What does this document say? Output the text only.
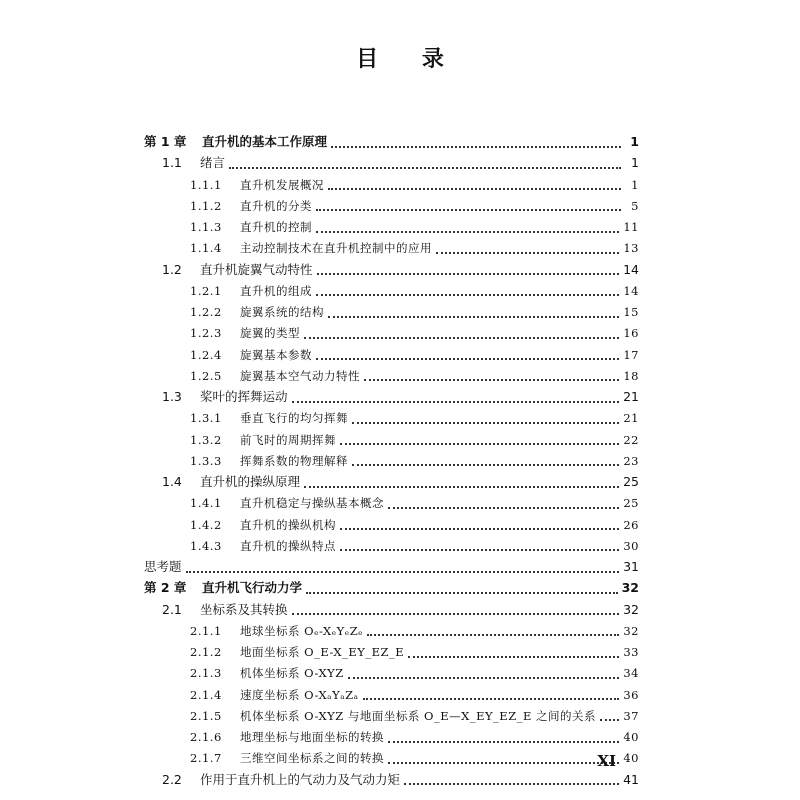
目 录
第 1 章	直升机的基本工作原理	1
1.1	绪言	1
1.1.1	直升机发展概况	1
1.1.2	直升机的分类	5
1.1.3	直升机的控制	11
1.1.4	主动控制技术在直升机控制中的应用	13
1.2	直升机旋翼气动特性	14
1.2.1	直升机的组成	14
1.2.2	旋翼系统的结构	15
1.2.3	旋翼的类型	16
1.2.4	旋翼基本参数	17
1.2.5	旋翼基本空气动力特性	18
1.3	桨叶的挥舞运动	21
1.3.1	垂直飞行的均匀挥舞	21
1.3.2	前飞时的周期挥舞	22
1.3.3	挥舞系数的物理解释	23
1.4	直升机的操纵原理	25
1.4.1	直升机稳定与操纵基本概念	25
1.4.2	直升机的操纵机构	26
1.4.3	直升机的操纵特点	30
思考题	31
第 2 章	直升机飞行动力学	32
2.1	坐标系及其转换	32
2.1.1	地球坐标系 Oₑ-XₑYₑZₑ	32
2.1.2	地面坐标系 O_E-X_EY_EZ_E	33
2.1.3	机体坐标系 O-XYZ	34
2.1.4	速度坐标系 O-XₐYₐZₐ	36
2.1.5	机体坐标系 O-XYZ 与地面坐标系 O_E—X_EY_EZ_E 之间的关系 37
2.1.6	地理坐标与地面坐标的转换	40
2.1.7	三维空间坐标系之间的转换	40
2.2	作用于直升机上的气动力及气动力矩	41
XI
